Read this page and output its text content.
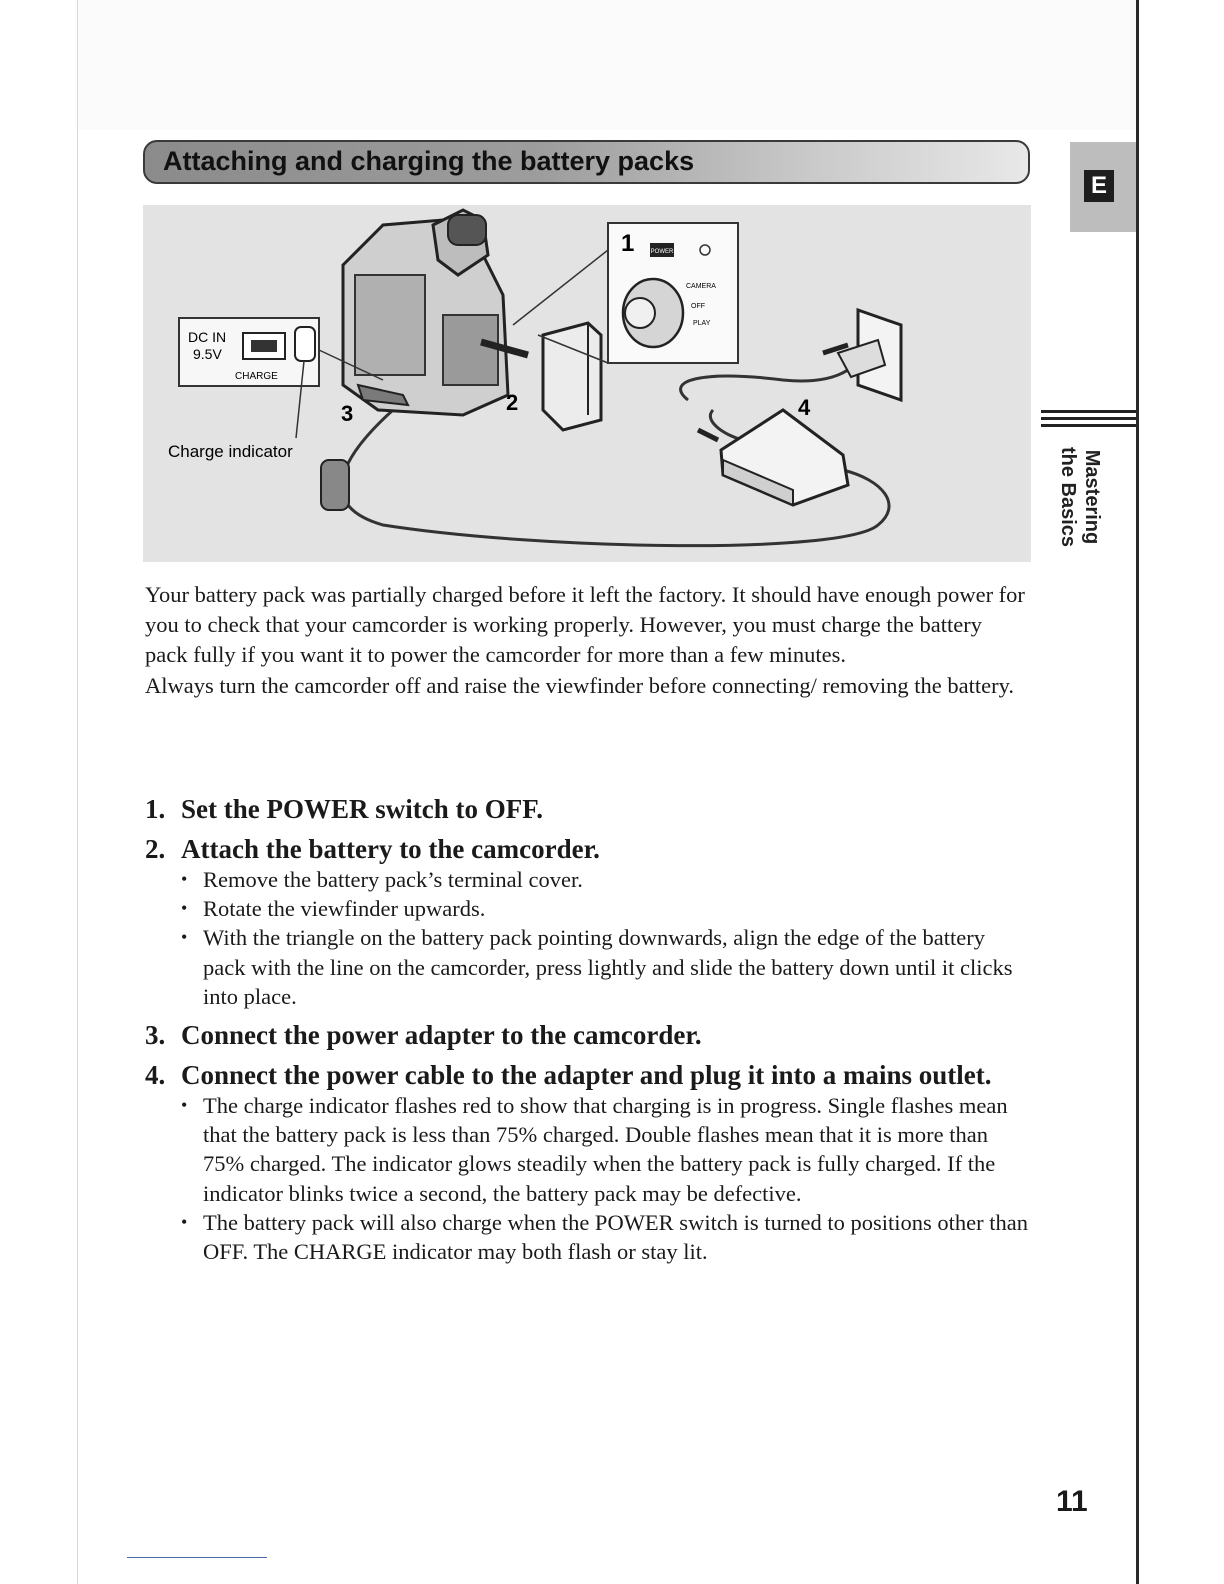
Attaching and charging the battery packs
E
Mastering
the Basics
POWER
CAMERA
OFF
PLAY
DC IN
9.5V
CHARGE
Charge indicator
1
2
3	4

Your battery pack was partially charged before it left the factory. It should have enough power for you to check that your camcorder is working properly. However, you must charge the battery pack fully if you want it to power the camcorder for more than a few minutes.

Always turn the camcorder off and raise the viewfinder before connecting/ removing the battery.

1. Set the POWER switch to OFF.
2. Attach the battery to the camcorder.
• Remove the battery pack’s terminal cover.
• Rotate the viewfinder upwards.
• With the triangle on the battery pack pointing downwards, align the edge of the battery pack with the line on the camcorder, press lightly and slide the battery down until it clicks into place.
3. Connect the power adapter to the camcorder.
4. Connect the power cable to the adapter and plug it into a mains outlet.
• The charge indicator flashes red to show that charging is in progress. Single flashes mean that the battery pack is less than 75% charged. Double flashes mean that it is more than 75% charged. The indicator glows steadily when the battery pack is fully charged. If the indicator blinks twice a second, the battery pack may be defective.
• The battery pack will also charge when the POWER switch is turned to positions other than OFF. The CHARGE indicator may both flash or stay lit.
11
